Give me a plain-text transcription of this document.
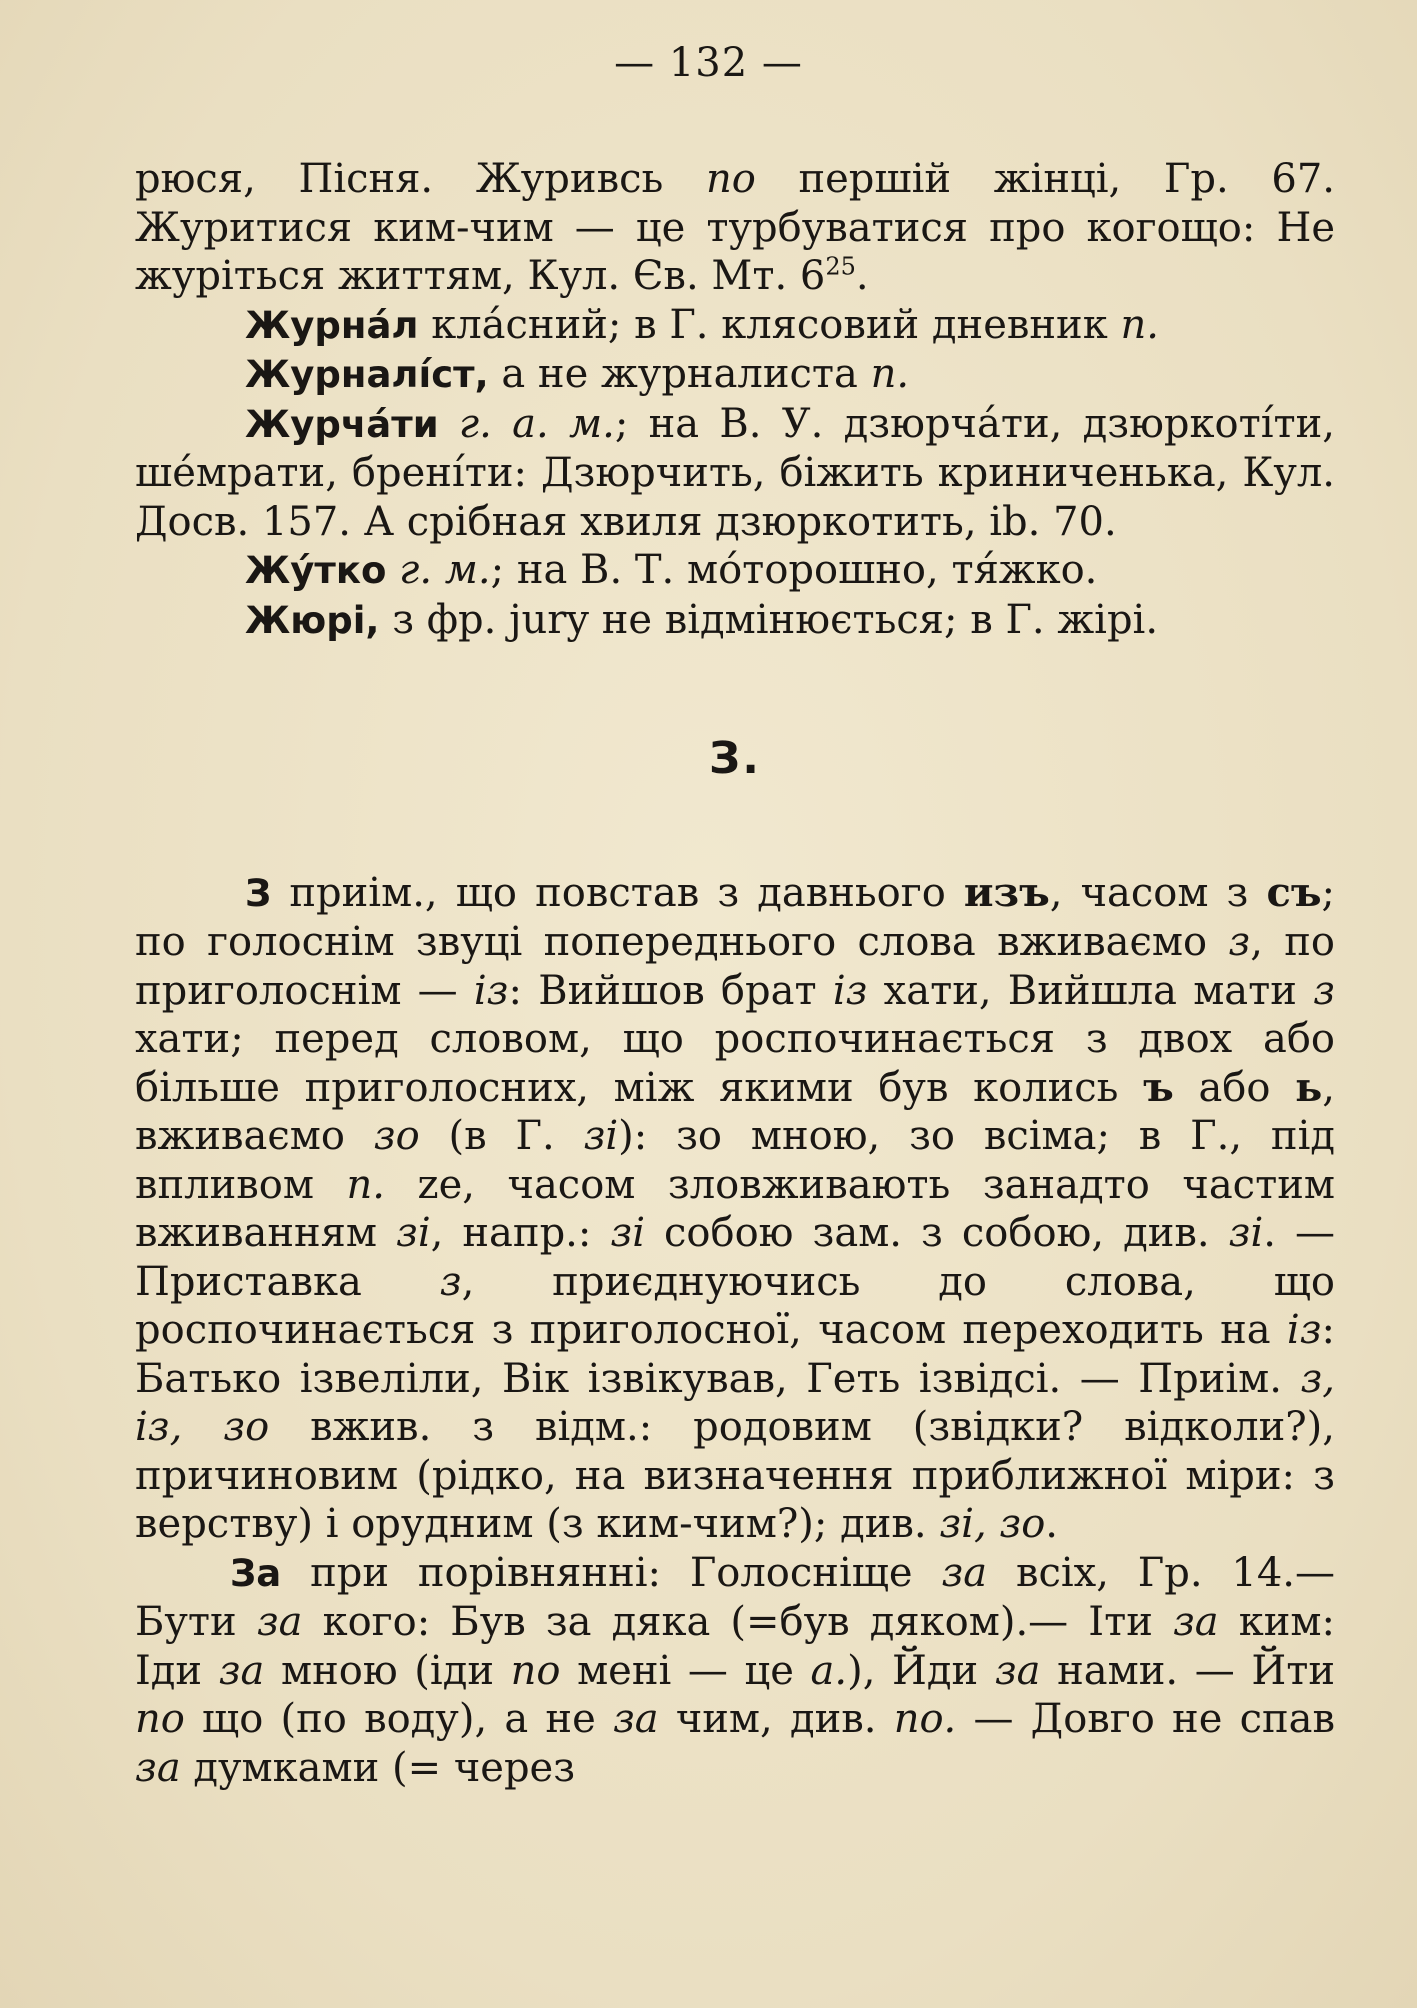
— 132 —

рюся, Пісня. Журивсь по першій жінці, Гр. 67. Журитися ким-чим — це турбуватися про когощо: Не журіться життям, Кул. Єв. Мт. $6^{25}$.

Журна́л кла́сний; в Г. клясовий дневник п.

Журналі́ст, а не журналиста п.

Журча́ти г. а. м.; на В. У. дзюрча́ти, дзюркоті́ти, ше́мрати, брені́ти: Дзюрчить, біжить криниченька, Кул. Досв. 157. А срібная хвиля дзюркотить, ib. 70.

Жу́тко г. м.; на В. Т. мо́торошно, тя́жко.

Жюрі, з фр. jury не відмінюється; в Г. жірі.

З.

З приім., що повстав з давнього изъ, часом з съ; по голоснім звуці попереднього слова вживаємо з, по приголоснім — із: Вийшов брат із хати, Вийшла мати з хати; перед словом, що роспочинається з двох або більше приголосних, між якими був колись ъ або ь, вживаємо зо (в Г. зі): зо мною, зо всіма; в Г., під впливом п. ze, часом зловживають занадто частим вживанням зі, напр.: зі собою зам. з собою, див. зі. — Приставка з, приєднуючись до слова, що роспочинається з приголосної, часом переходить на із: Батько ізвеліли, Вік ізвікував, Геть ізвідсі. — Приім. з, із, зо вжив. з відм.: родовим (звідки? відколи?), причиновим (рідко, на визначення приближної міри: з верству) і орудним (з ким-чим?); див. зі, зо.

За при порівнянні: Голосніще за всіх, Гр. 14.— Бути за кого: Був за дяка (=був дяком).— Іти за ким: Іди за мною (іди по мені — це а.), Йди за нами. — Йти по що (по воду), а не за чим, див. по. — Довго не спав за думками (= через
